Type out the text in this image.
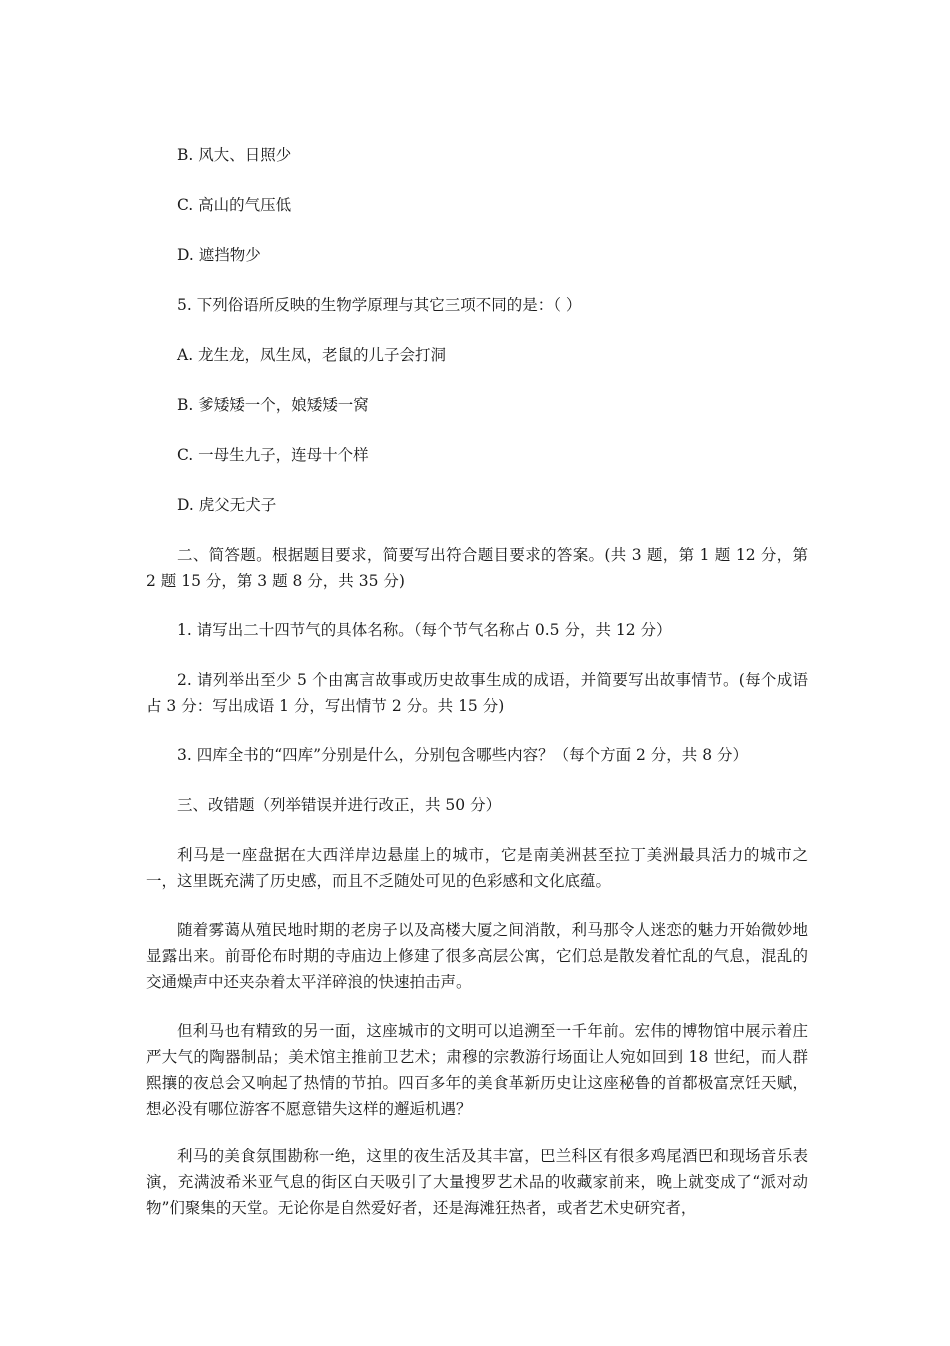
B. 风大、日照少

C. 高山的气压低

D. 遮挡物少

5. 下列俗语所反映的生物学原理与其它三项不同的是：（ ）

A. 龙生龙，凤生凤，老鼠的儿子会打洞

B. 爹矮矮一个，娘矮矮一窝

C. 一母生九子，连母十个样

D. 虎父无犬子

二、简答题。根据题目要求，简要写出符合题目要求的答案。(共 3 题，第 1 题 12 分，第 2 题 15 分，第 3 题 8 分，共 35 分)

1. 请写出二十四节气的具体名称。（每个节气名称占 0.5 分，共 12 分）

2. 请列举出至少 5 个由寓言故事或历史故事生成的成语，并简要写出故事情节。(每个成语占 3 分：写出成语 1 分，写出情节 2 分。共 15 分)

3. 四库全书的“四库”分别是什么，分别包含哪些内容？（每个方面 2 分，共 8 分）

三、改错题（列举错误并进行改正，共 50 分）

利马是一座盘据在大西洋岸边悬崖上的城市，它是南美洲甚至拉丁美洲最具活力的城市之一，这里既充满了历史感，而且不乏随处可见的色彩感和文化底蕴。

随着雾蔼从殖民地时期的老房子以及高楼大厦之间消散，利马那令人迷恋的魅力开始微妙地显露出来。前哥伦布时期的寺庙边上修建了很多高层公寓，它们总是散发着忙乱的气息，混乱的交通燥声中还夹杂着太平洋碎浪的快速拍击声。

但利马也有精致的另一面，这座城市的文明可以追溯至一千年前。宏伟的博物馆中展示着庄严大气的陶器制品；美术馆主推前卫艺术；肃穆的宗教游行场面让人宛如回到 18 世纪，而人群熙攘的夜总会又响起了热情的节拍。四百多年的美食革新历史让这座秘鲁的首都极富烹饪天赋，想必没有哪位游客不愿意错失这样的邂逅机遇？

利马的美食氛围勘称一绝，这里的夜生活及其丰富，巴兰科区有很多鸡尾酒巴和现场音乐表演，充满波希米亚气息的街区白天吸引了大量搜罗艺术品的收藏家前来，晚上就变成了“派对动物”们聚集的天堂。无论你是自然爱好者，还是海滩狂热者，或者艺术史研究者，
